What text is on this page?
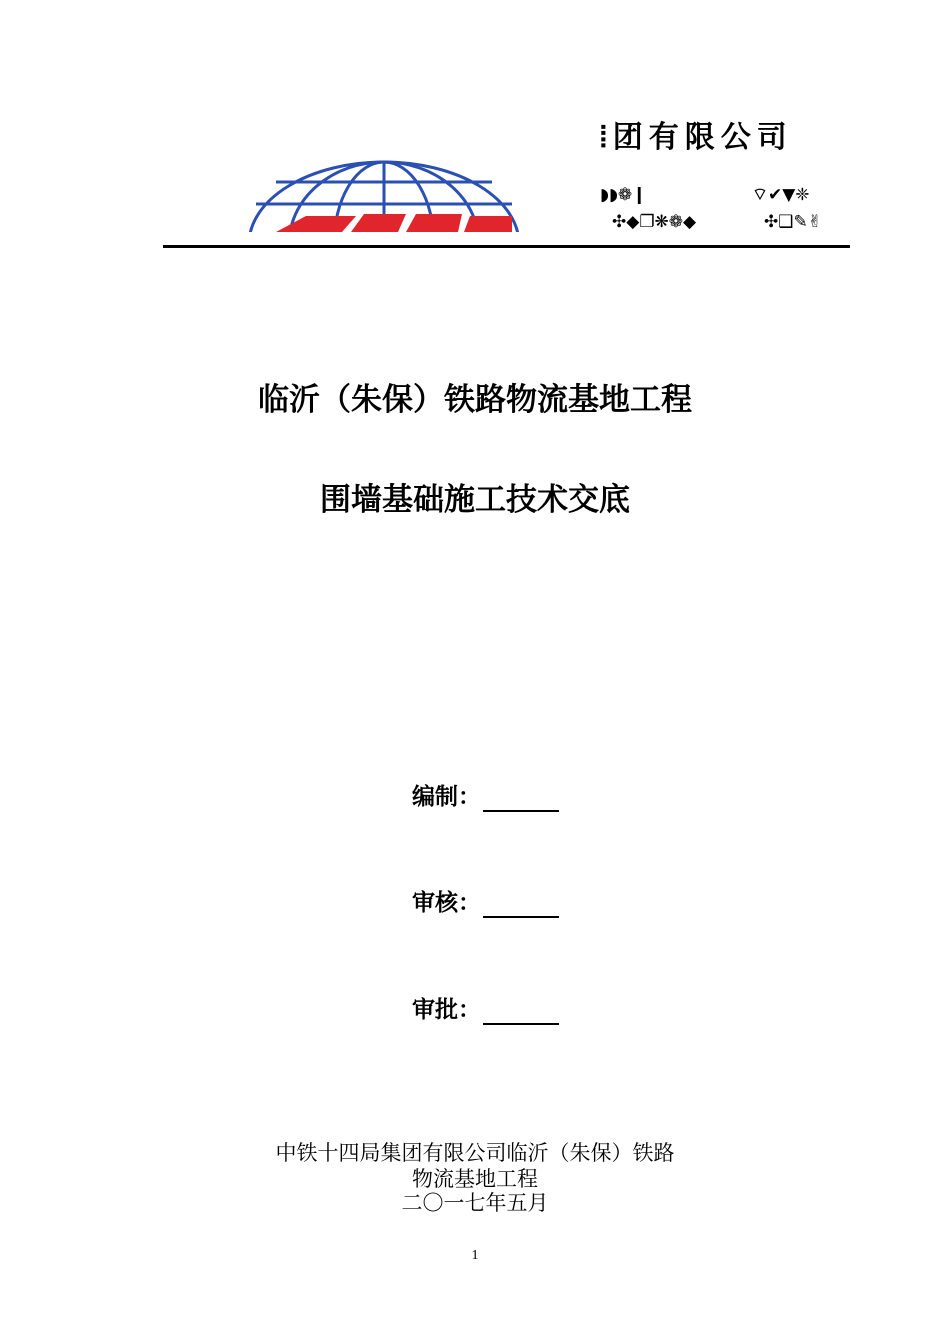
⦙团有限公司
◗◗❁❙	⌔✔▼❈
✣◆❐❋❁◆	✣❑✎✌
临沂（朱保）铁路物流基地工程
围墙基础施工技术交底
编制：
审核：
审批：
中铁十四局集团有限公司临沂（朱保）铁路
物流基地工程
二〇一七年五月
1
